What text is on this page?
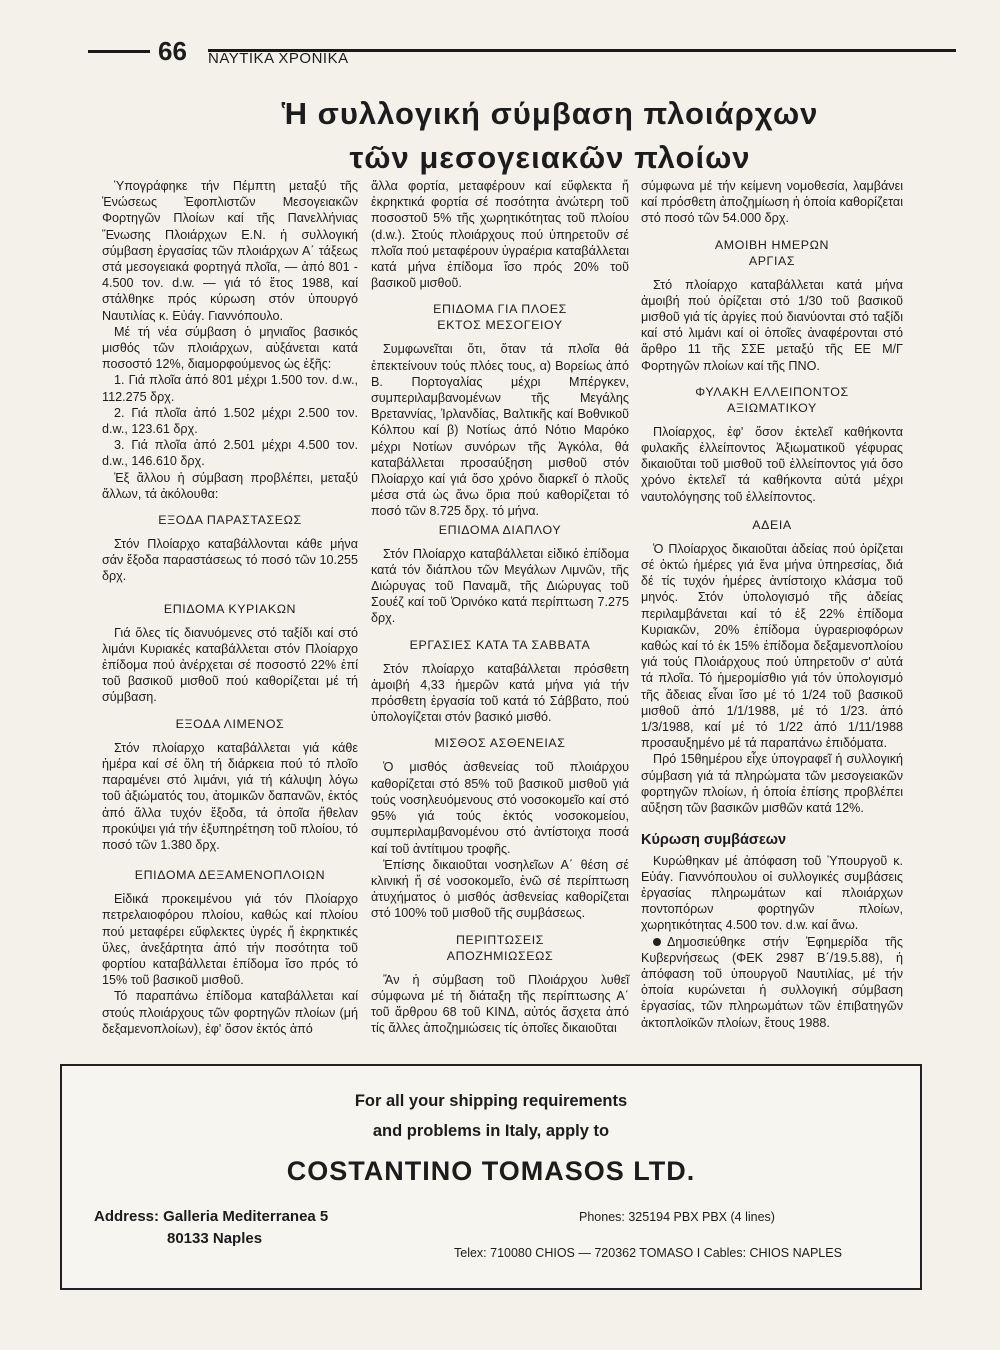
66 ΝΑΥΤΙΚΑ ΧΡΟΝΙΚΑ
Ἡ συλλογική σύμβαση πλοιάρχων
τῶν μεσογειακῶν πλοίων

Ὑπογράφηκε τήν Πέμπτη μεταξύ τῆς Ἑνώσεως Ἐφοπλιστῶν Μεσογειακῶν Φορτηγῶν Πλοίων καί τῆς Πανελλήνιας Ἕνωσης Πλοιάρχων Ε.Ν. ἡ συλλογική σύμβαση ἐργασίας τῶν πλοιάρχων Α΄ τάξεως στά μεσογειακά φορτηγά πλοῖα, — ἀπό 801 - 4.500 τον. d.w. — γιά τό ἔτος 1988, καί στάλθηκε πρός κύρωση στόν ὑπουργό Ναυτιλίας κ. Εὐάγ. Γιαννόπουλο.

Μέ τή νέα σύμβαση ὁ μηνιαῖος βασικός μισθός τῶν πλοιάρχων, αὐξάνεται κατά ποσοστό 12%, διαμορφούμενος ὡς ἐξῆς:

1. Γιά πλοῖα ἀπό 801 μέχρι 1.500 τον. d.w., 112.275 δρχ.

2. Γιά πλοῖα ἀπό 1.502 μέχρι 2.500 τον. d.w., 123.61 δρχ.

3. Γιά πλοῖα ἀπό 2.501 μέχρι 4.500 τον. d.w., 146.610 δρχ.

Ἐξ ἄλλου ἡ σύμβαση προβλέπει, μεταξύ ἄλλων, τά ἀκόλουθα:

ΕΞΟΔΑ ΠΑΡΑΣΤΑΣΕΩΣ

Στόν Πλοίαρχο καταβάλλονται κάθε μήνα σάν ἔξοδα παραστάσεως τό ποσό τῶν 10.255 δρχ.

ΕΠΙΔΟΜΑ ΚΥΡΙΑΚΩΝ

Γιά ὅλες τίς διανυόμενες στό ταξίδι καί στό λιμάνι Κυριακές καταβάλλεται στόν Πλοίαρχο ἐπίδομα πού ἀνέρχεται σέ ποσοστό 22% ἐπί τοῦ βασικοῦ μισθοῦ πού καθορίζεται μέ τή σύμβαση.

ΕΞΟΔΑ ΛΙΜΕΝΟΣ

Στόν πλοίαρχο καταβάλλεται γιά κάθε ἡμέρα καί σέ ὅλη τή διάρκεια πού τό πλοῖο παραμένει στό λιμάνι, γιά τή κάλυψη λόγω τοῦ ἀξιώματός του, ἀτομικῶν δαπανῶν, ἐκτός ἀπό ἄλλα τυχόν ἔξοδα, τά ὁποῖα ἤθελαν προκύψει γιά τήν ἐξυπηρέτηση τοῦ πλοίου, τό ποσό τῶν 1.380 δρχ.

ΕΠΙΔΟΜΑ ΔΕΞΑΜΕΝΟΠΛΟΙΩΝ

Εἰδικά προκειμένου γιά τόν Πλοίαρχο πετρελαιοφόρου πλοίου, καθώς καί πλοίου πού μεταφέρει εὔφλεκτες ὑγρές ἤ ἐκρηκτικές ὕλες, ἀνεξάρτητα ἀπό τήν ποσότητα τοῦ φορτίου καταβάλλεται ἐπίδομα ἴσο πρός τό 15% τοῦ βασικοῦ μισθοῦ.

Τό παραπάνω ἐπίδομα καταβάλλεται καί στούς πλοιάρχους τῶν φορτηγῶν πλοίων (μή δεξαμενοπλοίων), ἐφ' ὅσον ἐκτός ἀπό

ἄλλα φορτία, μεταφέρουν καί εὔφλεκτα ἤ ἐκρηκτικά φορτία σέ ποσότητα ἀνώτερη τοῦ ποσοστοῦ 5% τῆς χωρητικότητας τοῦ πλοίου (d.w.). Στούς πλοιάρχους πού ὑπηρετοῦν σέ πλοῖα πού μεταφέρουν ὑγραέρια καταβάλλεται κατά μήνα ἐπίδομα ἴσο πρός 20% τοῦ βασικοῦ μισθοῦ.

ΕΠΙΔΟΜΑ ΓΙΑ ΠΛΟΕΣ
ΕΚΤΟΣ ΜΕΣΟΓΕΙΟΥ

Συμφωνεῖται ὅτι, ὅταν τά πλοῖα θά ἐπεκτείνουν τούς πλόες τους, α) Βορείως ἀπό Β. Πορτογαλίας μέχρι Μπέργκεν, συμπεριλαμβανομένων τῆς Μεγάλης Βρεταννίας, Ἰρλανδίας, Βαλτικῆς καί Βοθνικοῦ Κόλπου καί β) Νοτίως ἀπό Νότιο Μαρόκο μέχρι Νοτίων συνόρων τῆς Ἀγκόλα, θά καταβάλλεται προσαύξηση μισθοῦ στόν Πλοίαρχο καί γιά ὅσο χρόνο διαρκεῖ ὁ πλοῦς μέσα στά ὡς ἄνω ὅρια πού καθορίζεται τό ποσό τῶν 8.725 δρχ. τό μήνα.

ΕΠΙΔΟΜΑ ΔΙΑΠΛΟΥ

Στόν Πλοίαρχο καταβάλλεται εἰδικό ἐπίδομα κατά τόν διάπλου τῶν Μεγάλων Λιμνῶν, τῆς Διώρυγας τοῦ Παναμᾶ, τῆς Διώρυγας τοῦ Σουέζ καί τοῦ Ὀρινόκο κατά περίπτωση 7.275 δρχ.

ΕΡΓΑΣΙΕΣ ΚΑΤΑ ΤΑ ΣΑΒΒΑΤΑ

Στόν πλοίαρχο καταβάλλεται πρόσθετη ἀμοιβή 4,33 ἡμερῶν κατά μήνα γιά τήν πρόσθετη ἐργασία τοῦ κατά τό Σάββατο, πού ὑπολογίζεται στόν βασικό μισθό.

ΜΙΣΘΟΣ ΑΣΘΕΝΕΙΑΣ

Ὁ μισθός ἀσθενείας τοῦ πλοιάρχου καθορίζεται στό 85% τοῦ βασικοῦ μισθοῦ γιά τούς νοσηλευόμενους στό νοσοκομεῖο καί στό 95% γιά τούς ἐκτός νοσοκομείου, συμπεριλαμβανομένου στό ἀντίστοιχα ποσά καί τοῦ ἀντίτιμου τροφῆς.

Ἐπίσης δικαιοῦται νοσηλεῖων Α΄ θέση σέ κλινική ἤ σέ νοσοκομεῖο, ἐνῶ σέ περίπτωση ἀτυχήματος ὁ μισθός ἀσθενείας καθορίζεται στό 100% τοῦ μισθοῦ τῆς συμβάσεως.

ΠΕΡΙΠΤΩΣΕΙΣ
ΑΠΟΖΗΜΙΩΣΕΩΣ

Ἄν ἡ σύμβαση τοῦ Πλοιάρχου λυθεῖ σύμφωνα μέ τή διάταξη τῆς περίπτωσης Α΄ τοῦ ἄρθρου 68 τοῦ ΚΙΝΔ, αὐτός ἄσχετα ἀπό τίς ἄλλες ἀποζημιώσεις τίς ὁποῖες δικαιοῦται

σύμφωνα μέ τήν κείμενη νομοθεσία, λαμβάνει καί πρόσθετη ἀποζημίωση ἡ ὁποία καθορίζεται στό ποσό τῶν 54.000 δρχ.

ΑΜΟΙΒΗ ΗΜΕΡΩΝ
ΑΡΓΙΑΣ

Στό πλοίαρχο καταβάλλεται κατά μήνα ἀμοιβή πού ὁρίζεται στό 1/30 τοῦ βασικοῦ μισθοῦ γιά τίς ἀργίες πού διανύονται στό ταξίδι καί στό λιμάνι καί οἱ ὁποῖες ἀναφέρονται στό ἄρθρο 11 τῆς ΣΣΕ μεταξύ τῆς ΕΕ Μ/Γ Φορτηγῶν πλοίων καί τῆς ΠΝΟ.

ΦΥΛΑΚΗ ΕΛΛΕΙΠΟΝΤΟΣ
ΑΞΙΩΜΑΤΙΚΟΥ

Πλοίαρχος, ἐφ' ὅσον ἐκτελεῖ καθήκοντα φυλακῆς ἐλλείποντος Ἀξιωματικοῦ γέφυρας δικαιοῦται τοῦ μισθοῦ τοῦ ἐλλείποντος γιά ὅσο χρόνο ἐκτελεῖ τά καθήκοντα αὐτά μέχρι ναυτολόγησης τοῦ ἐλλείποντος.

ΑΔΕΙΑ

Ὁ Πλοίαρχος δικαιοῦται ἀδείας πού ὁρίζεται σέ ὀκτώ ἡμέρες γιά ἕνα μήνα ὑπηρεσίας, διά δέ τίς τυχόν ἡμέρες ἀντίστοιχο κλάσμα τοῦ μηνός. Στόν ὑπολογισμό τῆς ἀδείας περιλαμβάνεται καί τό ἐξ 22% ἐπίδομα Κυριακῶν, 20% ἐπίδομα ὑγραεριοφόρων καθώς καί τό ἐκ 15% ἐπίδομα δεξαμενοπλοίου γιά τούς Πλοιάρχους πού ὑπηρετοῦν σ' αὐτά τά πλοῖα. Τό ἡμερομίσθιο γιά τόν ὑπολογισμό τῆς ἄδειας εἶναι ἴσο μέ τό 1/24 τοῦ βασικοῦ μισθοῦ ἀπό 1/1/1988, μέ τό 1/23. ἀπό 1/3/1988, καί μέ τό 1/22 ἀπό 1/11/1988 προσαυξημένο μέ τά παραπάνω ἐπιδόματα.

Πρό 15θημέρου εἶχε ὑπογραφεῖ ἡ συλλογική σύμβαση γιά τά πληρώματα τῶν μεσογειακῶν φορτηγῶν πλοίων, ἡ ὁποία ἐπίσης προβλέπει αὔξηση τῶν βασικῶν μισθῶν κατά 12%.

Κύρωση συμβάσεων

Κυρώθηκαν μέ ἀπόφαση τοῦ Ὑπουργοῦ κ. Εὐάγ. Γιαννόπουλου οἱ συλλογικές συμβάσεις ἐργασίας πληρωμάτων καί πλοιάρχων ποντοπόρων φορτηγῶν πλοίων, χωρητικότητας 4.500 τον. d.w. καί ἄνω.

Δημοσιεύθηκε στήν Ἐφημερίδα τῆς Κυβερνήσεως (ΦΕΚ 2987 Β΄/19.5.88), ἡ ἀπόφαση τοῦ ὑπουργοῦ Ναυτιλίας, μέ τήν ὁποία κυρώνεται ἡ συλλογική σύμβαση ἐργασίας, τῶν πληρωμάτων τῶν ἐπιβατηγῶν ἀκτοπλοϊκῶν πλοίων, ἔτους 1988.

For all your shipping requirements
and problems in Italy, apply to
COSTANTINO TOMASOS LTD.
Address: Galleria Mediterranea 5
80133 Naples
Phones: 325194 PBX PBX (4 lines)
Telex: 710080 CHIOS — 720362 TOMASO I Cables: CHIOS NAPLES
